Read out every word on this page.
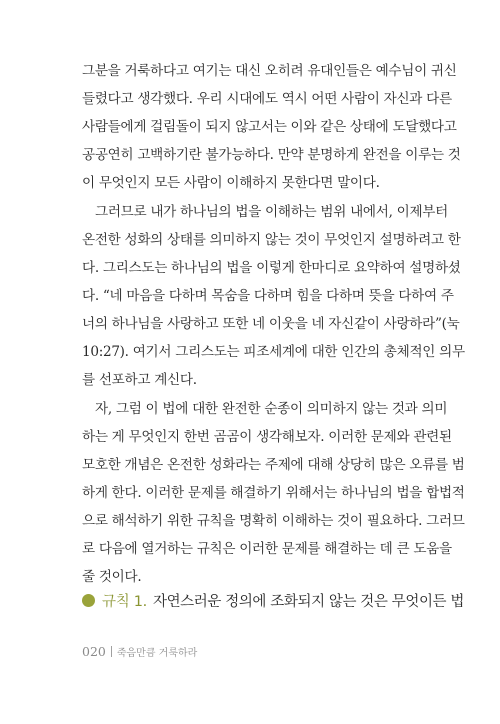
그분을 거룩하다고 여기는 대신 오히려 유대인들은 예수님이 귀신
들렸다고 생각했다. 우리 시대에도 역시 어떤 사람이 자신과 다른
사람들에게 걸림돌이 되지 않고서는 이와 같은 상태에 도달했다고
공공연히 고백하기란 불가능하다. 만약 분명하게 완전을 이루는 것
이 무엇인지 모든 사람이 이해하지 못한다면 말이다.
그러므로 내가 하나님의 법을 이해하는 범위 내에서, 이제부터
온전한 성화의 상태를 의미하지 않는 것이 무엇인지 설명하려고 한
다. 그리스도는 하나님의 법을 이렇게 한마디로 요약하여 설명하셨
다. “네 마음을 다하며 목숨을 다하며 힘을 다하며 뜻을 다하여 주
너의 하나님을 사랑하고 또한 네 이웃을 네 자신같이 사랑하라”(눅
10:27). 여기서 그리스도는 피조세계에 대한 인간의 총체적인 의무
를 선포하고 계신다.
자, 그럼 이 법에 대한 완전한 순종이 의미하지 않는 것과 의미
하는 게 무엇인지 한번 곰곰이 생각해보자. 이러한 문제와 관련된
모호한 개념은 온전한 성화라는 주제에 대해 상당히 많은 오류를 범
하게 한다. 이러한 문제를 해결하기 위해서는 하나님의 법을 합법적
으로 해석하기 위한 규칙을 명확히 이해하는 것이 필요하다. 그러므
로 다음에 열거하는 규칙은 이러한 문제를 해결하는 데 큰 도움을
줄 것이다.
규칙 1. 자연스러운 정의에 조화되지 않는 것은 무엇이든 법
020 죽음만큼 거룩하라
